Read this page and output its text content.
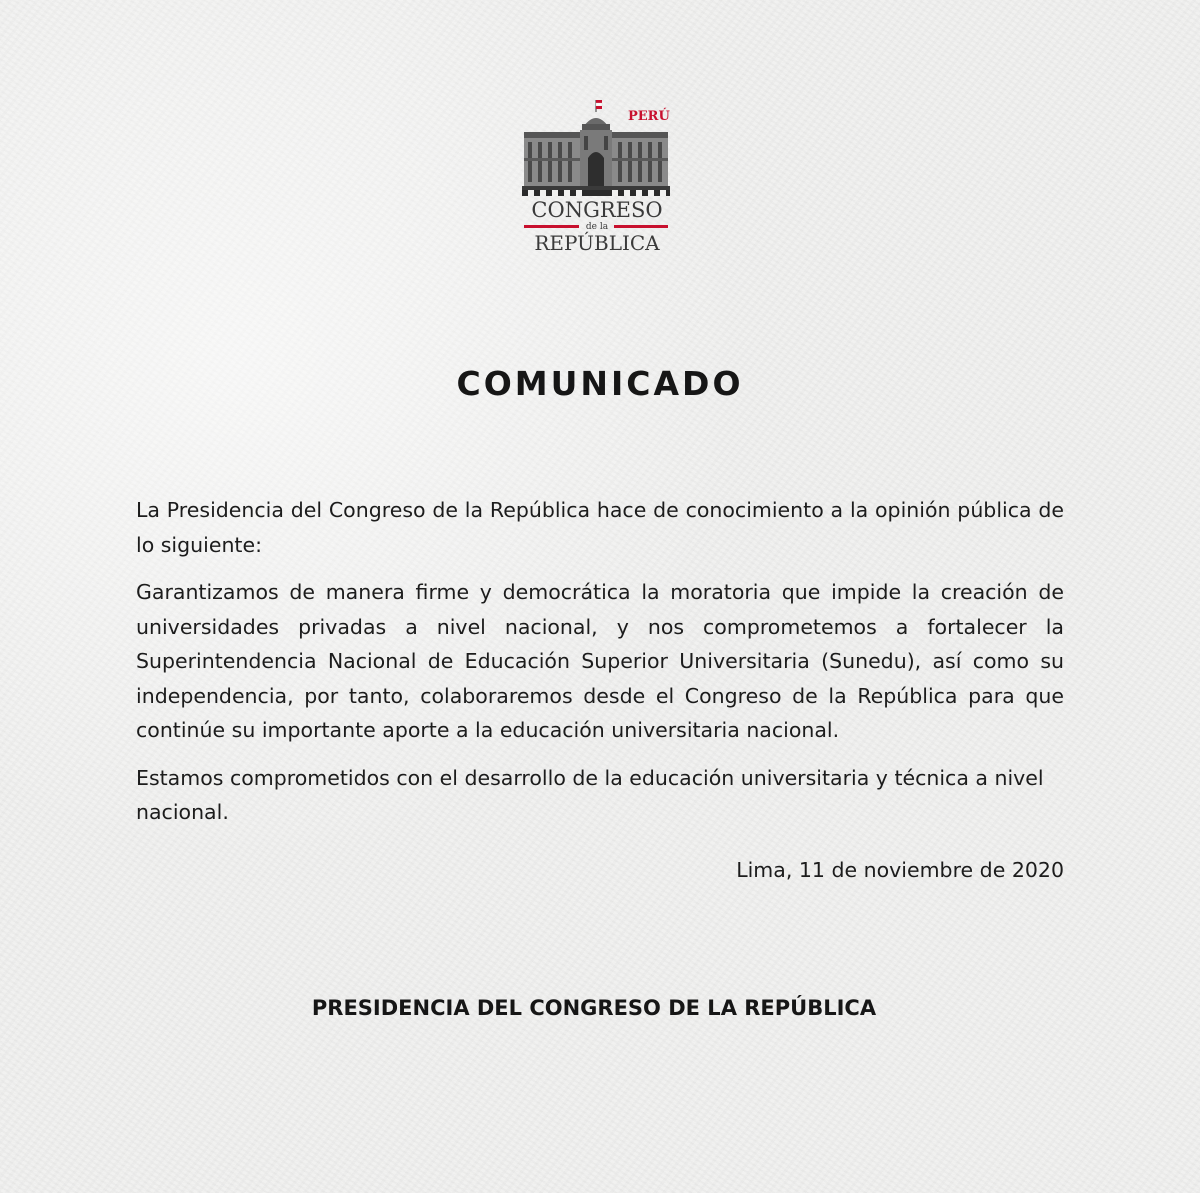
PERÚ
CONGRESO
de la
REPÚBLICA
COMUNICADO

La Presidencia del Congreso de la República hace de conocimiento a la opinión pública de lo siguiente:

Garantizamos de manera firme y democrática la moratoria que impide la creación de universidades privadas a nivel nacional, y nos comprometemos a fortalecer la Superintendencia Nacional de Educación Superior Universitaria (Sunedu), así como su independencia, por tanto, colaboraremos desde el Congreso de la República para que continúe su importante aporte a la educación universitaria nacional.

Estamos comprometidos con el desarrollo de la educación universitaria y técnica a nivel nacional.

Lima, 11 de noviembre de 2020
PRESIDENCIA DEL CONGRESO DE LA REPÚBLICA
